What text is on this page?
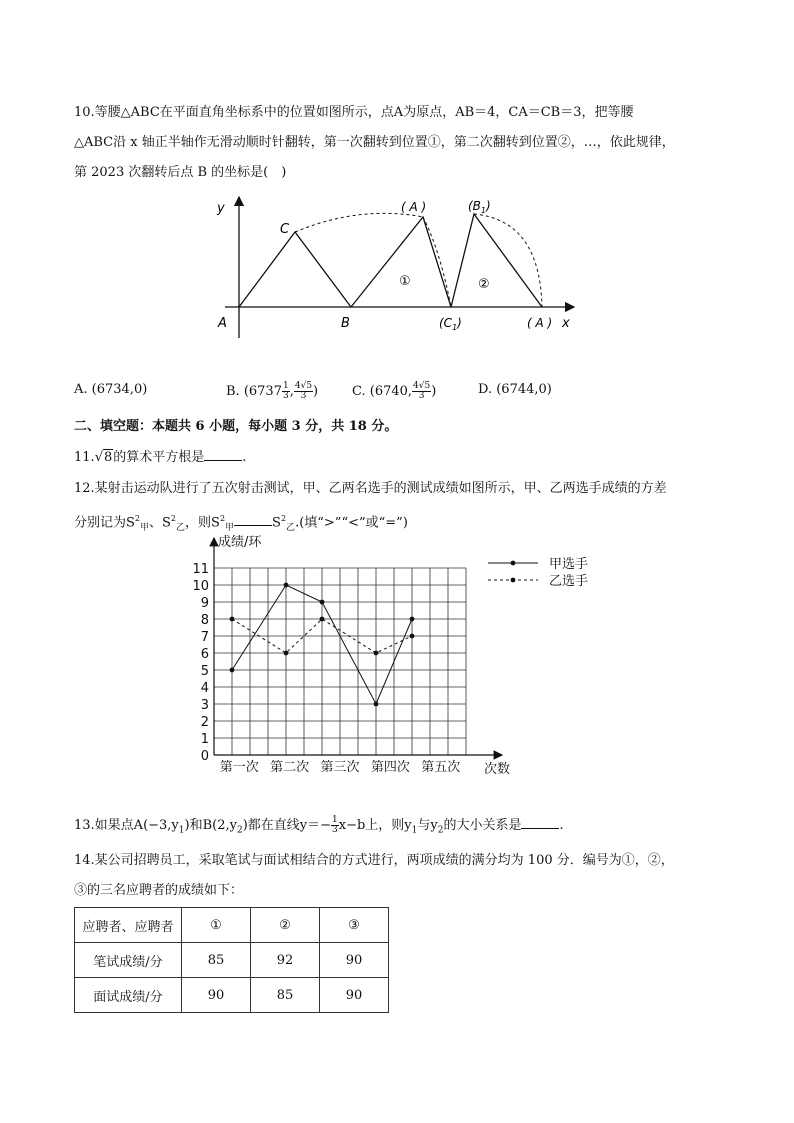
10.等腰△ABC在平面直角坐标系中的位置如图所示，点A为原点，AB＝4，CA＝CB＝3，把等腰
△ABC沿 x 轴正半轴作无滑动顺时针翻转，第一次翻转到位置①，第二次翻转到位置②，…，依此规律，
第 2023 次翻转后点 B 的坐标是(　)
y
x
A	B
C
( A )	$(B_1)$
$(C_1)$	( A )
①	②
A. (6734,0)	B. ($6737 \frac{1}{3}$ , $\frac{4√5}{3}$ )	C. (6740, $\frac{4√5}{3}$ )	D. (6744,0)
二、填空题：本题共 6 小题，每小题 3 分，共 18 分。
11.√8的算术平方根是	.
12.某射击运动队进行了五次射击测试，甲、乙两名选手的测试成绩如图所示，甲、乙两选手成绩的方差
分别记为$S^2_甲$、$S^2_乙$，则$S^2_甲$	$S^2_乙$.(填“>”“<”或“=”)
0
1
2
3
4
5
6
7
8
9
10
11
成绩/环
次数
第一次 第二次 第三次 第四次 第五次
甲选手
乙选手
13.如果点$A(-3,y_1)$和$B(2,y_2)$都在直线$y=- \frac{1}{3} x-b$上，则$y_1$与$y_2$的大小关系是	.
14.某公司招聘员工，采取笔试与面试相结合的方式进行，两项成绩的满分均为 100 分．编号为①，②，
③的三名应聘者的成绩如下：
应聘者、应聘者	①	②	③
笔试成绩/分	85	92	90
面试成绩/分	90	85	90
